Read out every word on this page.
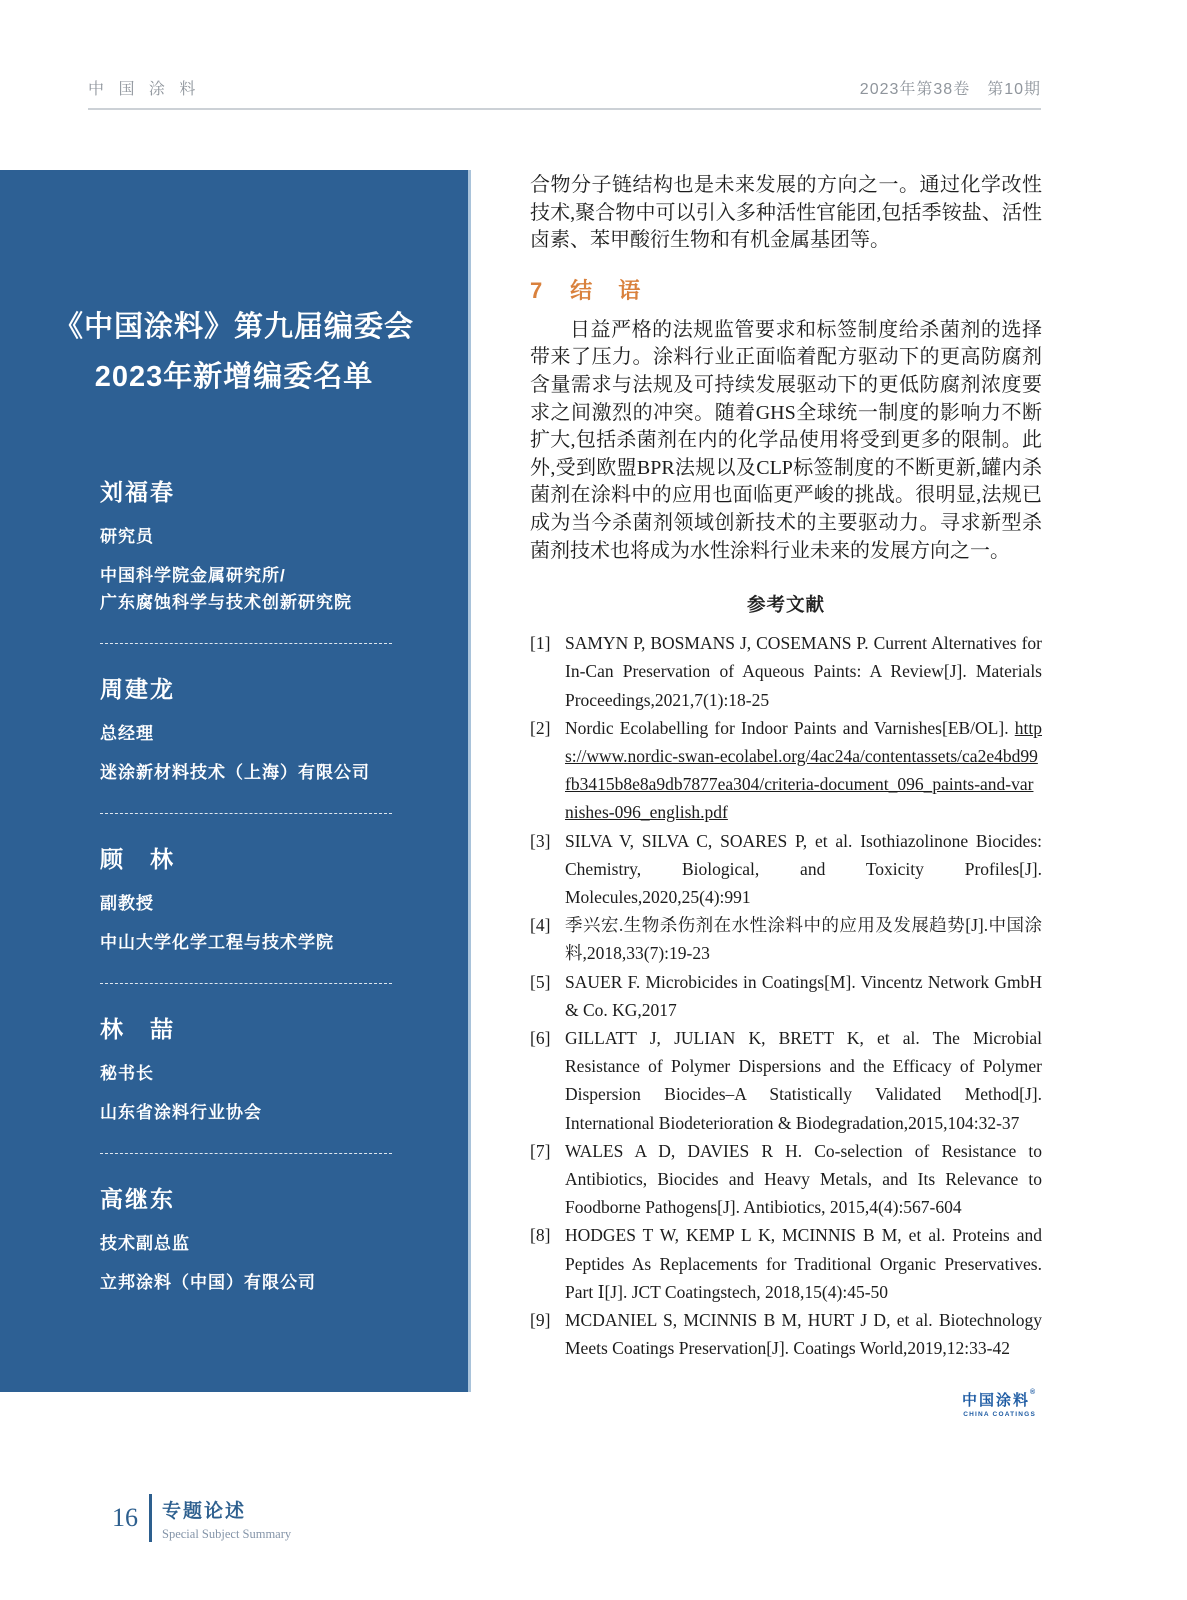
中 国 涂 料	2023年第38卷　第10期
《中国涂料》第九届编委会
2023年新增编委名单
刘福春
研究员
中国科学院金属研究所/
广东腐蚀科学与技术创新研究院
周建龙
总经理
迷涂新材料技术（上海）有限公司
顾　林
副教授
中山大学化学工程与技术学院
林　喆
秘书长
山东省涂料行业协会
高继东
技术副总监
立邦涂料（中国）有限公司

合物分子链结构也是未来发展的方向之一。通过化学改性技术,聚合物中可以引入多种活性官能团,包括季铵盐、活性卤素、苯甲酸衍生物和有机金属基团等。

7 结语

日益严格的法规监管要求和标签制度给杀菌剂的选择带来了压力。涂料行业正面临着配方驱动下的更高防腐剂含量需求与法规及可持续发展驱动下的更低防腐剂浓度要求之间激烈的冲突。随着GHS全球统一制度的影响力不断扩大,包括杀菌剂在内的化学品使用将受到更多的限制。此外,受到欧盟BPR法规以及CLP标签制度的不断更新,罐内杀菌剂在涂料中的应用也面临更严峻的挑战。很明显,法规已成为当今杀菌剂领域创新技术的主要驱动力。寻求新型杀菌剂技术也将成为水性涂料行业未来的发展方向之一。

参考文献
[1] SAMYN P, BOSMANS J, COSEMANS P. Current Alternatives for In-Can Preservation of Aqueous Paints: A Review[J]. Materials Proceedings,2021,7(1):18-25
[2] Nordic Ecolabelling for Indoor Paints and Varnishes[EB/OL]. https://www.nordic-swan-ecolabel.org/4ac24a/contentassets/ca2e4bd99fb3415b8e8a9db7877ea304/criteria-document_096_paints-and-varnishes-096_english.pdf
[3] SILVA V, SILVA C, SOARES P, et al. Isothiazolinone Biocides: Chemistry, Biological, and Toxicity Profiles[J]. Molecules,2020,25(4):991
[4] 季兴宏.生物杀伤剂在水性涂料中的应用及发展趋势[J].中国涂料,2018,33(7):19-23
[5] SAUER F. Microbicides in Coatings[M]. Vincentz Network GmbH & Co. KG,2017
[6] GILLATT J, JULIAN K, BRETT K, et al. The Microbial Resistance of Polymer Dispersions and the Efficacy of Polymer Dispersion Biocides–A Statistically Validated Method[J]. International Biodeterioration & Biodegradation,2015,104:32-37
[7] WALES A D, DAVIES R H. Co-selection of Resistance to Antibiotics, Biocides and Heavy Metals, and Its Relevance to Foodborne Pathogens[J]. Antibiotics, 2015,4(4):567-604
[8] HODGES T W, KEMP L K, MCINNIS B M, et al. Proteins and Peptides As Replacements for Traditional Organic Preservatives. Part Ⅰ[J]. JCT Coatingstech, 2018,15(4):45-50
[9] MCDANIEL S, MCINNIS B M, HURT J D, et al. Biotechnology Meets Coatings Preservation[J]. Coatings World,2019,12:33-42
中国涂料®
CHINA COATINGS
16 专题论述
Special Subject Summary
